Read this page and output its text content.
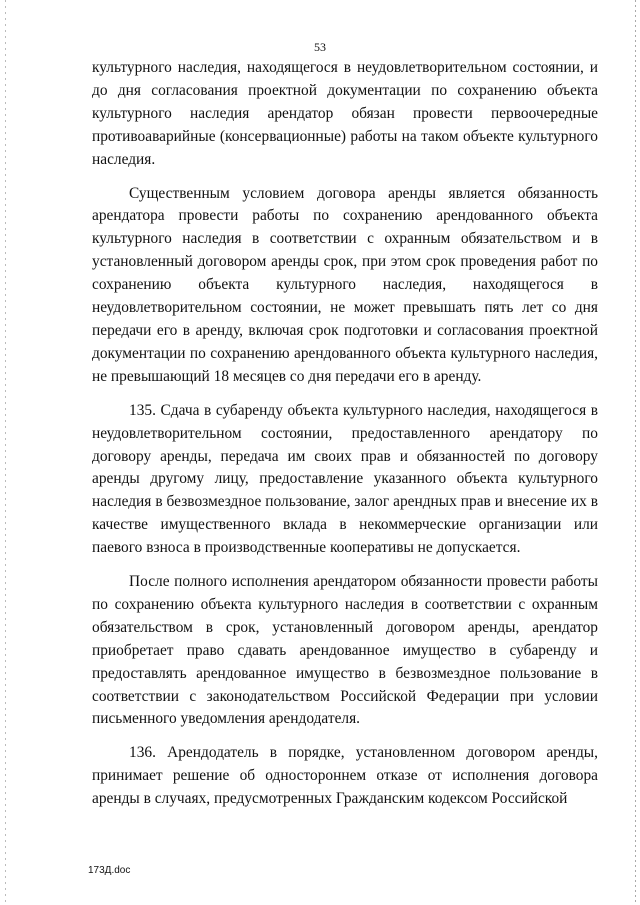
53

культурного наследия, находящегося в неудовлетворительном состоянии, и до дня согласования проектной документации по сохранению объекта культурного наследия арендатор обязан провести первоочередные противоаварийные (консервационные) работы на таком объекте культурного наследия.

Существенным условием договора аренды является обязанность арендатора провести работы по сохранению арендованного объекта культурного наследия в соответствии с охранным обязательством и в установленный договором аренды срок, при этом срок проведения работ по сохранению объекта культурного наследия, находящегося в неудовлетворительном состоянии, не может превышать пять лет со дня передачи его в аренду, включая срок подготовки и согласования проектной документации по сохранению арендованного объекта культурного наследия, не превышающий 18 месяцев со дня передачи его в аренду.

135. Сдача в субаренду объекта культурного наследия, находящегося в неудовлетворительном состоянии, предоставленного арендатору по договору аренды, передача им своих прав и обязанностей по договору аренды другому лицу, предоставление указанного объекта культурного наследия в безвозмездное пользование, залог арендных прав и внесение их в качестве имущественного вклада в некоммерческие организации или паевого взноса в производственные кооперативы не допускается.

После полного исполнения арендатором обязанности провести работы по сохранению объекта культурного наследия в соответствии с охранным обязательством в срок, установленный договором аренды, арендатор приобретает право сдавать арендованное имущество в субаренду и предоставлять арендованное имущество в безвозмездное пользование в соответствии с законодательством Российской Федерации при условии письменного уведомления арендодателя.

136. Арендодатель в порядке, установленном договором аренды, принимает решение об одностороннем отказе от исполнения договора аренды в случаях, предусмотренных Гражданским кодексом Российской

173Д.doc
